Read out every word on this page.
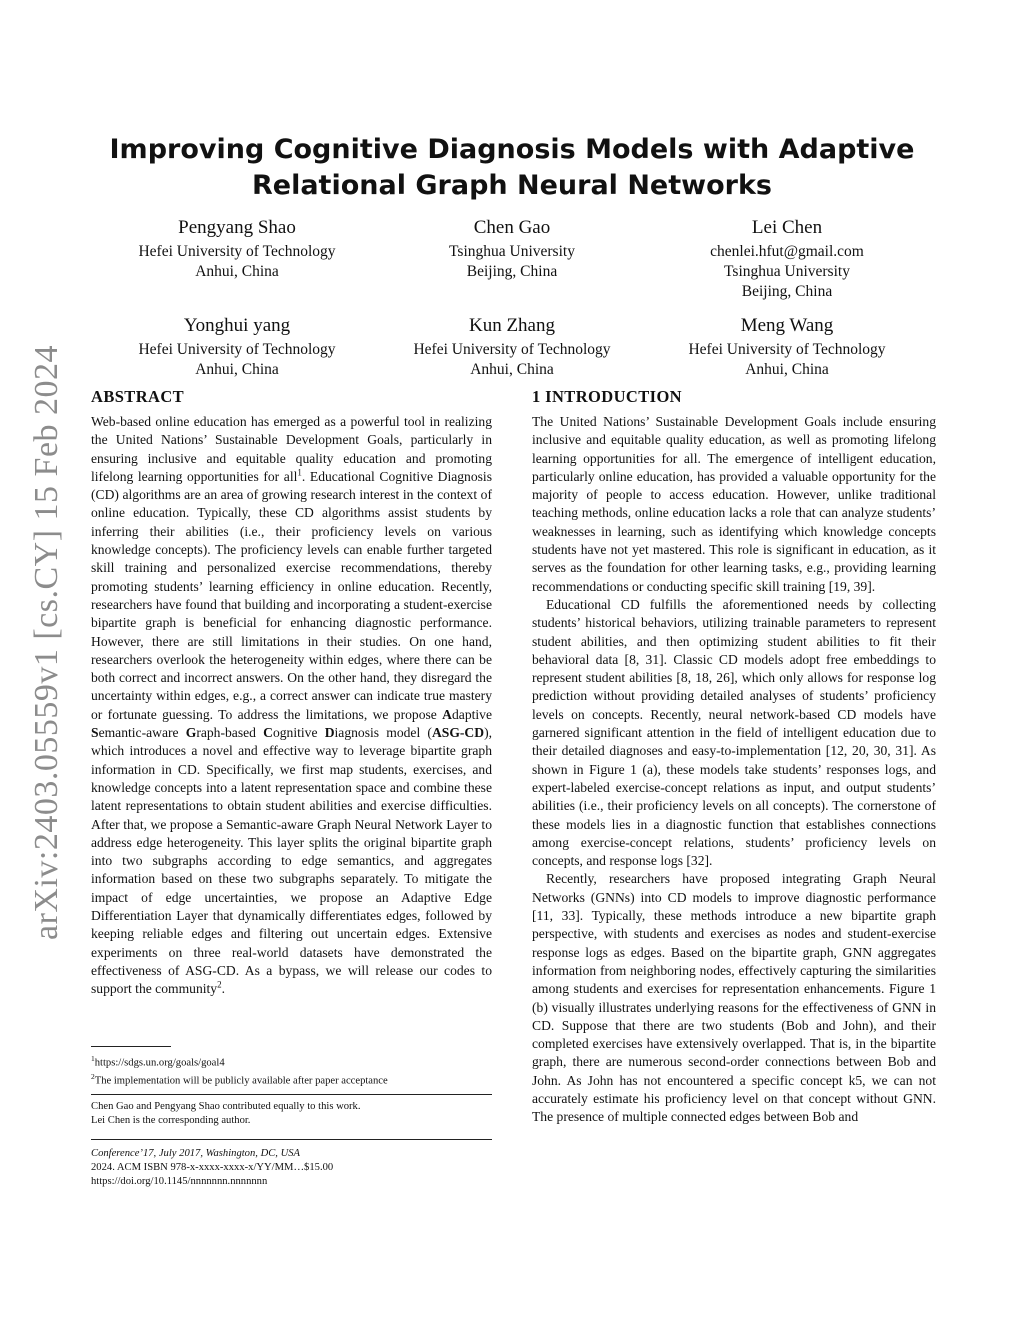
arXiv:2403.05559v1 [cs.CY] 15 Feb 2024
Improving Cognitive Diagnosis Models with Adaptive Relational Graph Neural Networks
Pengyang Shao
Hefei University of Technology
Anhui, China
Chen Gao
Tsinghua University
Beijing, China
Lei Chen
chenlei.hfut@gmail.com
Tsinghua University
Beijing, China
Yonghui yang
Hefei University of Technology
Anhui, China
Kun Zhang
Hefei University of Technology
Anhui, China
Meng Wang
Hefei University of Technology
Anhui, China
ABSTRACT

Web-based online education has emerged as a powerful tool in realizing the United Nations’ Sustainable Development Goals, particularly in ensuring inclusive and equitable quality education and promoting lifelong learning opportunities for all$^1$. Educational Cognitive Diagnosis (CD) algorithms are an area of growing research interest in the context of online education. Typically, these CD algorithms assist students by inferring their abilities (i.e., their proficiency levels on various knowledge concepts). The proficiency levels can enable further targeted skill training and personalized exercise recommendations, thereby promoting students’ learning efficiency in online education. Recently, researchers have found that building and incorporating a student-exercise bipartite graph is beneficial for enhancing diagnostic performance. However, there are still limitations in their studies. On one hand, researchers overlook the heterogeneity within edges, where there can be both correct and incorrect answers. On the other hand, they disregard the uncertainty within edges, e.g., a correct answer can indicate true mastery or fortunate guessing. To address the limitations, we propose Adaptive Semantic-aware Graph-based Cognitive Diagnosis model (ASG-CD), which introduces a novel and effective way to leverage bipartite graph information in CD. Specifically, we first map students, exercises, and knowledge concepts into a latent representation space and combine these latent representations to obtain student abilities and exercise difficulties. After that, we propose a Semantic-aware Graph Neural Network Layer to address edge heterogeneity. This layer splits the original bipartite graph into two subgraphs according to edge semantics, and aggregates information based on these two subgraphs separately. To mitigate the impact of edge uncertainties, we propose an Adaptive Edge Differentiation Layer that dynamically differentiates edges, followed by keeping reliable edges and filtering out uncertain edges. Extensive experiments on three real-world datasets have demonstrated the effectiveness of ASG-CD. As a bypass, we will release our codes to support the community$^2$.

$^1$https://sdgs.un.org/goals/goal4
$^2$The implementation will be publicly available after paper acceptance
Chen Gao and Pengyang Shao contributed equally to this work.
Lei Chen is the corresponding author.
Conference’17, July 2017, Washington, DC, USA
2024. ACM ISBN 978-x-xxxx-xxxx-x/YY/MM…$15.00
https://doi.org/10.1145/nnnnnnn.nnnnnnn
1 INTRODUCTION

The United Nations’ Sustainable Development Goals include ensuring inclusive and equitable quality education, as well as promoting lifelong learning opportunities for all. The emergence of intelligent education, particularly online education, has provided a valuable opportunity for the majority of people to access education. However, unlike traditional teaching methods, online education lacks a role that can analyze students’ weaknesses in learning, such as identifying which knowledge concepts students have not yet mastered. This role is significant in education, as it serves as the foundation for other learning tasks, e.g., providing learning recommendations or conducting specific skill training [19, 39].

Educational CD fulfills the aforementioned needs by collecting students’ historical behaviors, utilizing trainable parameters to represent student abilities, and then optimizing student abilities to fit their behavioral data [8, 31]. Classic CD models adopt free embeddings to represent student abilities [8, 18, 26], which only allows for response log prediction without providing detailed analyses of students’ proficiency levels on concepts. Recently, neural network-based CD models have garnered significant attention in the field of intelligent education due to their detailed diagnoses and easy-to-implementation [12, 20, 30, 31]. As shown in Figure 1 (a), these models take students’ responses logs, and expert-labeled exercise-concept relations as input, and output students’ abilities (i.e., their proficiency levels on all concepts). The cornerstone of these models lies in a diagnostic function that establishes connections among exercise-concept relations, students’ proficiency levels on concepts, and response logs [32].

Recently, researchers have proposed integrating Graph Neural Networks (GNNs) into CD models to improve diagnostic performance [11, 33]. Typically, these methods introduce a new bipartite graph perspective, with students and exercises as nodes and student-exercise response logs as edges. Based on the bipartite graph, GNN aggregates information from neighboring nodes, effectively capturing the similarities among students and exercises for representation enhancements. Figure 1 (b) visually illustrates underlying reasons for the effectiveness of GNN in CD. Suppose that there are two students (Bob and John), and their completed exercises have extensively overlapped. That is, in the bipartite graph, there are numerous second-order connections between Bob and John. As John has not encountered a specific concept k5, we can not accurately estimate his proficiency level on that concept without GNN. The presence of multiple connected edges between Bob and
